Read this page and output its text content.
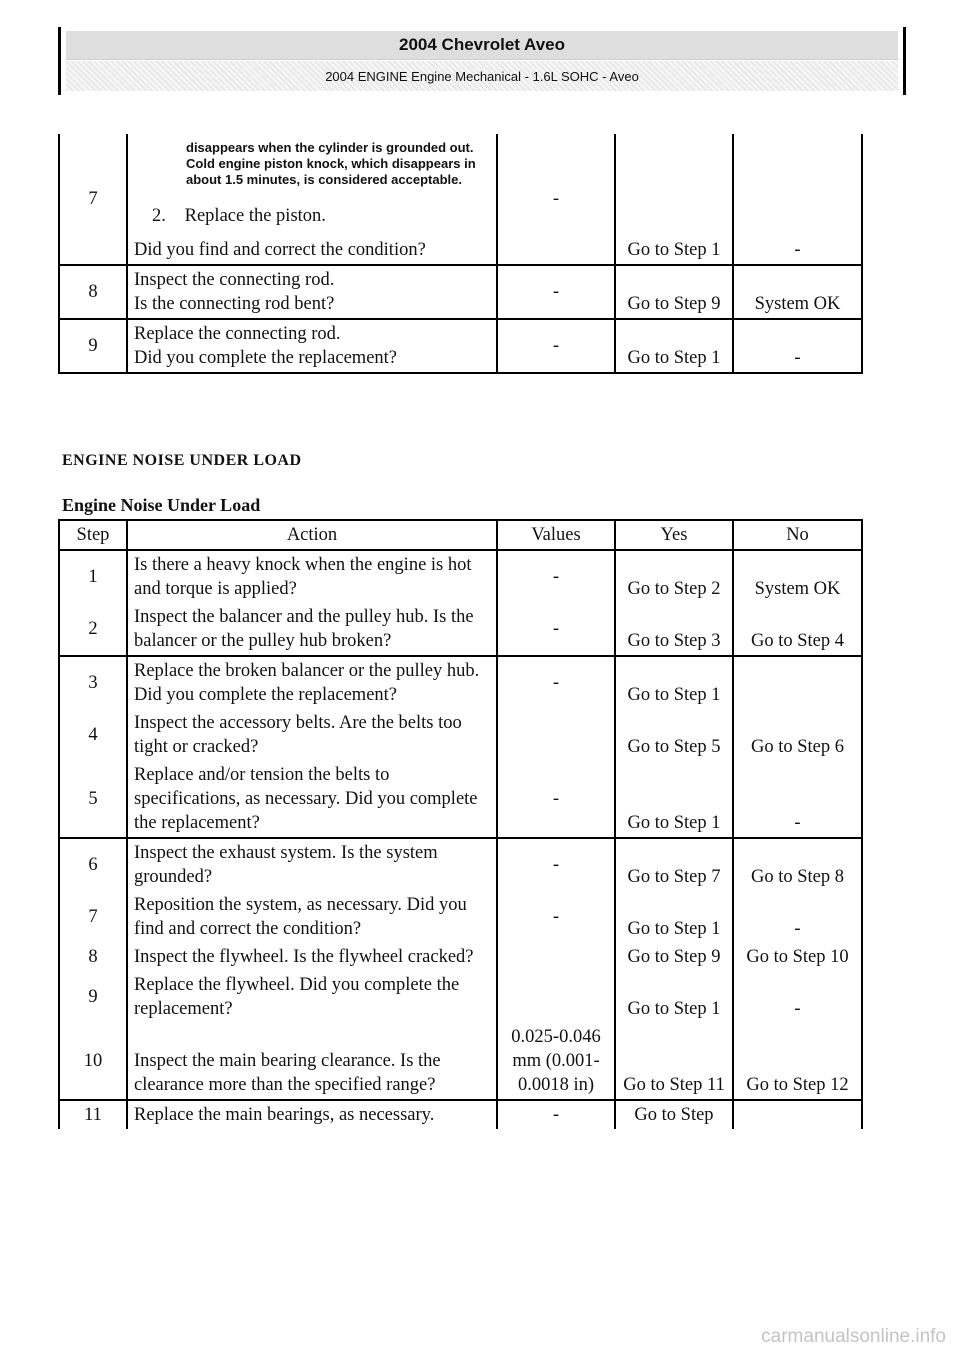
2004 Chevrolet Aveo
2004 ENGINE Engine Mechanical - 1.6L SOHC - Aveo
7	disappears when the cylinder is grounded out. Cold engine piston knock, which disappears in about 1.5 minutes, is considered acceptable.
2. Replace the piston.
Did you find and correct the condition?	-	Go to Step 1	-
8	Inspect the connecting rod.
Is the connecting rod bent?	-	Go to Step 9	System OK
9	Replace the connecting rod.
Did you complete the replacement?	-	Go to Step 1	-
ENGINE NOISE UNDER LOAD
Engine Noise Under Load
Step	Action	Values	Yes	No
1	Is there a heavy knock when the engine is hot and torque is applied?	-	Go to Step 2	System OK
2	Inspect the balancer and the pulley hub. Is the balancer or the pulley hub broken?	-	Go to Step 3	Go to Step 4
3	Replace the broken balancer or the pulley hub. Did you complete the replacement?	-	Go to Step 1	
4	Inspect the accessory belts. Are the belts too tight or cracked?		Go to Step 5	Go to Step 6
5	Replace and/or tension the belts to specifications, as necessary. Did you complete the replacement?	-	Go to Step 1	-
6	Inspect the exhaust system. Is the system grounded?	-	Go to Step 7	Go to Step 8
7	Reposition the system, as necessary. Did you find and correct the condition?	-	Go to Step 1	-
8	Inspect the flywheel. Is the flywheel cracked?		Go to Step 9	Go to Step 10
9	Replace the flywheel. Did you complete the replacement?		Go to Step 1	-
10	Inspect the main bearing clearance. Is the clearance more than the specified range?	0.025-0.046 mm (0.001-0.0018 in)	Go to Step 11	Go to Step 12
11	Replace the main bearings, as necessary.	-	Go to Step	
carmanualsonline.info
